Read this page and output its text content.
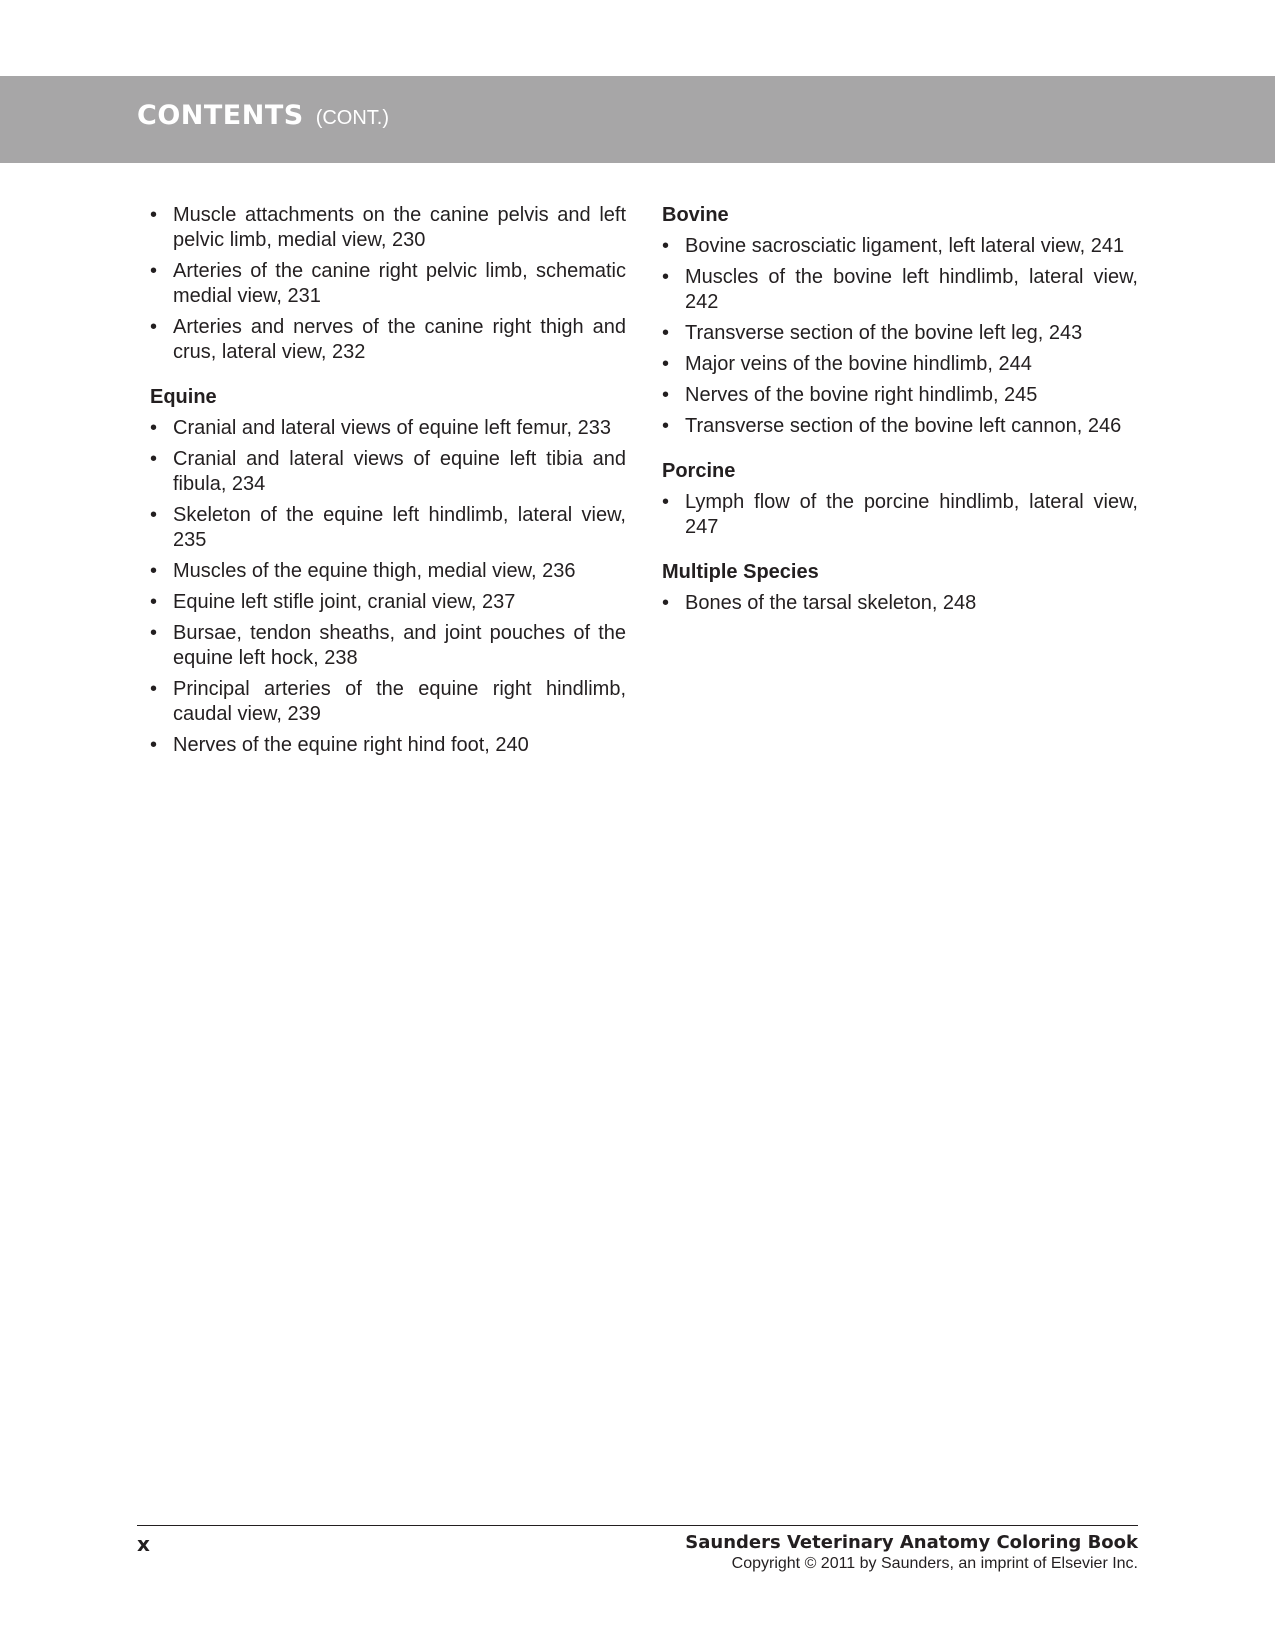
CONTENTS (CONT.)
• Muscle attachments on the canine pelvis and left pelvic limb, medial view, 230
• Arteries of the canine right pelvic limb, schematic medial view, 231
• Arteries and nerves of the canine right thigh and crus, lateral view, 232
Equine
• Cranial and lateral views of equine left femur, 233
• Cranial and lateral views of equine left tibia and fibula, 234
• Skeleton of the equine left hindlimb, lateral view, 235
• Muscles of the equine thigh, medial view, 236
• Equine left stifle joint, cranial view, 237
• Bursae, tendon sheaths, and joint pouches of the equine left hock, 238
• Principal arteries of the equine right hindlimb, caudal view, 239
• Nerves of the equine right hind foot, 240
Bovine
• Bovine sacrosciatic ligament, left lateral view, 241
• Muscles of the bovine left hindlimb, lateral view, 242
• Transverse section of the bovine left leg, 243
• Major veins of the bovine hindlimb, 244
• Nerves of the bovine right hindlimb, 245
• Transverse section of the bovine left cannon, 246
Porcine
• Lymph flow of the porcine hindlimb, lateral view, 247
Multiple Species
• Bones of the tarsal skeleton, 248
x	Saunders Veterinary Anatomy Coloring Book
Copyright © 2011 by Saunders, an imprint of Elsevier Inc.
